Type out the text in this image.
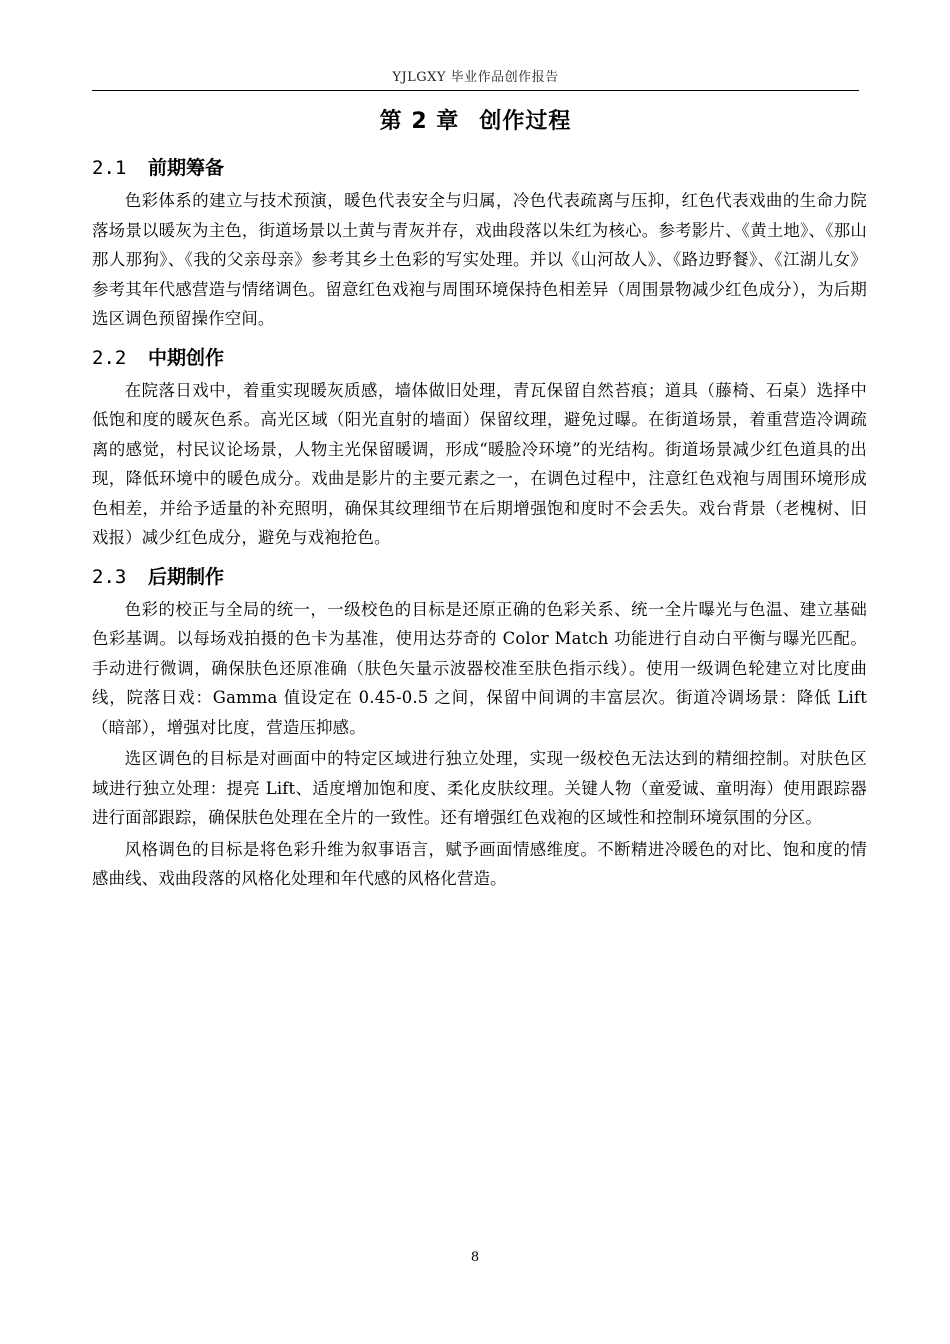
YJLGXY 毕业作品创作报告
第 2 章 创作过程
2.1 前期筹备

色彩体系的建立与技术预演，暖色代表安全与归属，冷色代表疏离与压抑，红色代表戏曲的生命力院落场景以暖灰为主色，街道场景以土黄与青灰并存，戏曲段落以朱红为核心。参考影片、《黄土地》、《那山那人那狗》、《我的父亲母亲》参考其乡土色彩的写实处理。并以《山河故人》、《路边野餐》、《江湖儿女》参考其年代感营造与情绪调色。留意红色戏袍与周围环境保持色相差异（周围景物减少红色成分），为后期选区调色预留操作空间。

2.2 中期创作

在院落日戏中，着重实现暖灰质感，墙体做旧处理，青瓦保留自然苔痕；道具（藤椅、石桌）选择中低饱和度的暖灰色系。高光区域（阳光直射的墙面）保留纹理，避免过曝。在街道场景，着重营造冷调疏离的感觉，村民议论场景，人物主光保留暖调，形成“暖脸冷环境”的光结构。街道场景减少红色道具的出现，降低环境中的暖色成分。戏曲是影片的主要元素之一，在调色过程中，注意红色戏袍与周围环境形成色相差，并给予适量的补充照明，确保其纹理细节在后期增强饱和度时不会丢失。戏台背景（老槐树、旧戏报）减少红色成分，避免与戏袍抢色。

2.3 后期制作

色彩的校正与全局的统一，一级校色的目标是还原正确的色彩关系、统一全片曝光与色温、建立基础色彩基调。以每场戏拍摄的色卡为基准，使用达芬奇的 Color Match 功能进行自动白平衡与曝光匹配。手动进行微调，确保肤色还原准确（肤色矢量示波器校准至肤色指示线）。使用一级调色轮建立对比度曲线，院落日戏：Gamma 值设定在 0.45-0.5 之间，保留中间调的丰富层次。街道冷调场景：降低 Lift（暗部），增强对比度，营造压抑感。

选区调色的目标是对画面中的特定区域进行独立处理，实现一级校色无法达到的精细控制。对肤色区域进行独立处理：提亮 Lift、适度增加饱和度、柔化皮肤纹理。关键人物（童爱诚、童明海）使用跟踪器进行面部跟踪，确保肤色处理在全片的一致性。还有增强红色戏袍的区域性和控制环境氛围的分区。

风格调色的目标是将色彩升维为叙事语言，赋予画面情感维度。不断精进冷暖色的对比、饱和度的情感曲线、戏曲段落的风格化处理和年代感的风格化营造。

8
